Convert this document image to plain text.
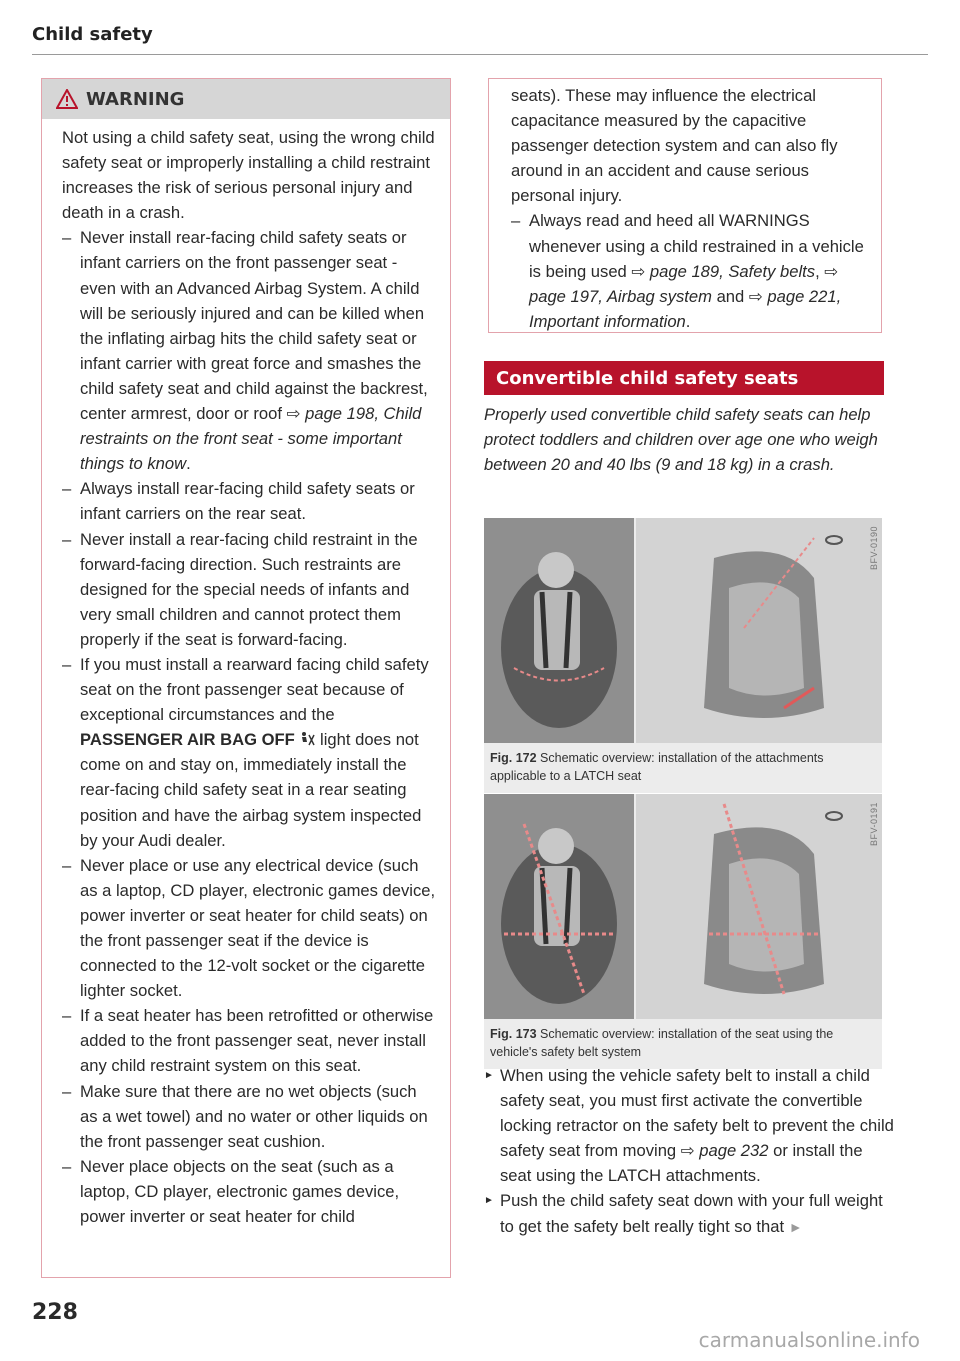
Child safety
WARNING

Not using a child safety seat, using the wrong child safety seat or improperly installing a child restraint increases the risk of serious personal injury and death in a crash.

– Never install rear-facing child safety seats or infant carriers on the front passenger seat - even with an Advanced Airbag System. A child will be seriously injured and can be killed when the inflating airbag hits the child safety seat or infant carrier with great force and smashes the child safety seat and child against the backrest, center armrest, door or roof ⇨ page 198, Child restraints on the front seat - some important things to know.
– Always install rear-facing child safety seats or infant carriers on the rear seat.
– Never install a rear-facing child restraint in the forward-facing direction. Such restraints are designed for the special needs of infants and very small children and cannot protect them properly if the seat is forward-facing.
– If you must install a rearward facing child safety seat on the front passenger seat because of exceptional circumstances and the PASSENGER AIR BAG OFF  light does not come on and stay on, immediately install the rear-facing child safety seat in a rear seating position and have the airbag system inspected by your Audi dealer.
– Never place or use any electrical device (such as a laptop, CD player, electronic games device, power inverter or seat heater for child seats) on the front passenger seat if the device is connected to the 12-volt socket or the cigarette lighter socket.
– If a seat heater has been retrofitted or otherwise added to the front passenger seat, never install any child restraint system on this seat.
– Make sure that there are no wet objects (such as a wet towel) and no water or other liquids on the front passenger seat cushion.
– Never place objects on the seat (such as a laptop, CD player, electronic games device, power inverter or seat heater for child

seats). These may influence the electrical capacitance measured by the capacitive passenger detection system and can also fly around in an accident and cause serious personal injury.

– Always read and heed all WARNINGS whenever using a child restrained in a vehicle is being used ⇨ page 189, Safety belts, ⇨ page 197, Airbag system and ⇨ page 221, Important information.
Convertible child safety seats
Properly used convertible child safety seats can help protect toddlers and children over age one who weigh between 20 and 40 lbs (9 and 18 kg) in a crash.
BFV-0190
Fig. 172 Schematic overview: installation of the attachments applicable to a LATCH seat
BFV-0191
Fig. 173 Schematic overview: installation of the seat using the vehicle's safety belt system
► When using the vehicle safety belt to install a child safety seat, you must first activate the convertible locking retractor on the safety belt to prevent the child safety seat from moving ⇨ page 232 or install the seat using the LATCH attachments.
► Push the child safety seat down with your full weight to get the safety belt really tight so that ►
228
carmanualsonline.info
